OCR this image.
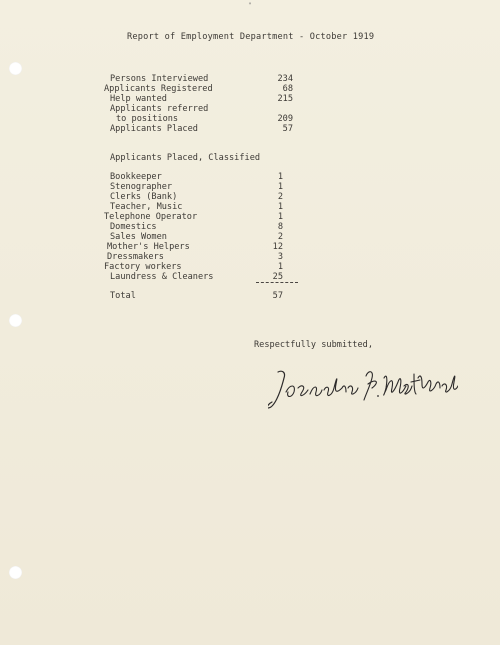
"
Report of Employment Department - October 1919
Persons Interviewed	234
Applicants Registered	68
Help wanted	215
Applicants referred
to positions	209
Applicants Placed	57
Applicants Placed, Classified
Bookkeeper	1
Stenographer	1
Clerks (Bank)	2
Teacher, Music	1
Telephone Operator	1
Domestics	8
Sales Women	2
Mother's Helpers	12
Dressmakers	3
Factory workers	1
Laundress & Cleaners	25
Total	57
Respectfully submitted,
